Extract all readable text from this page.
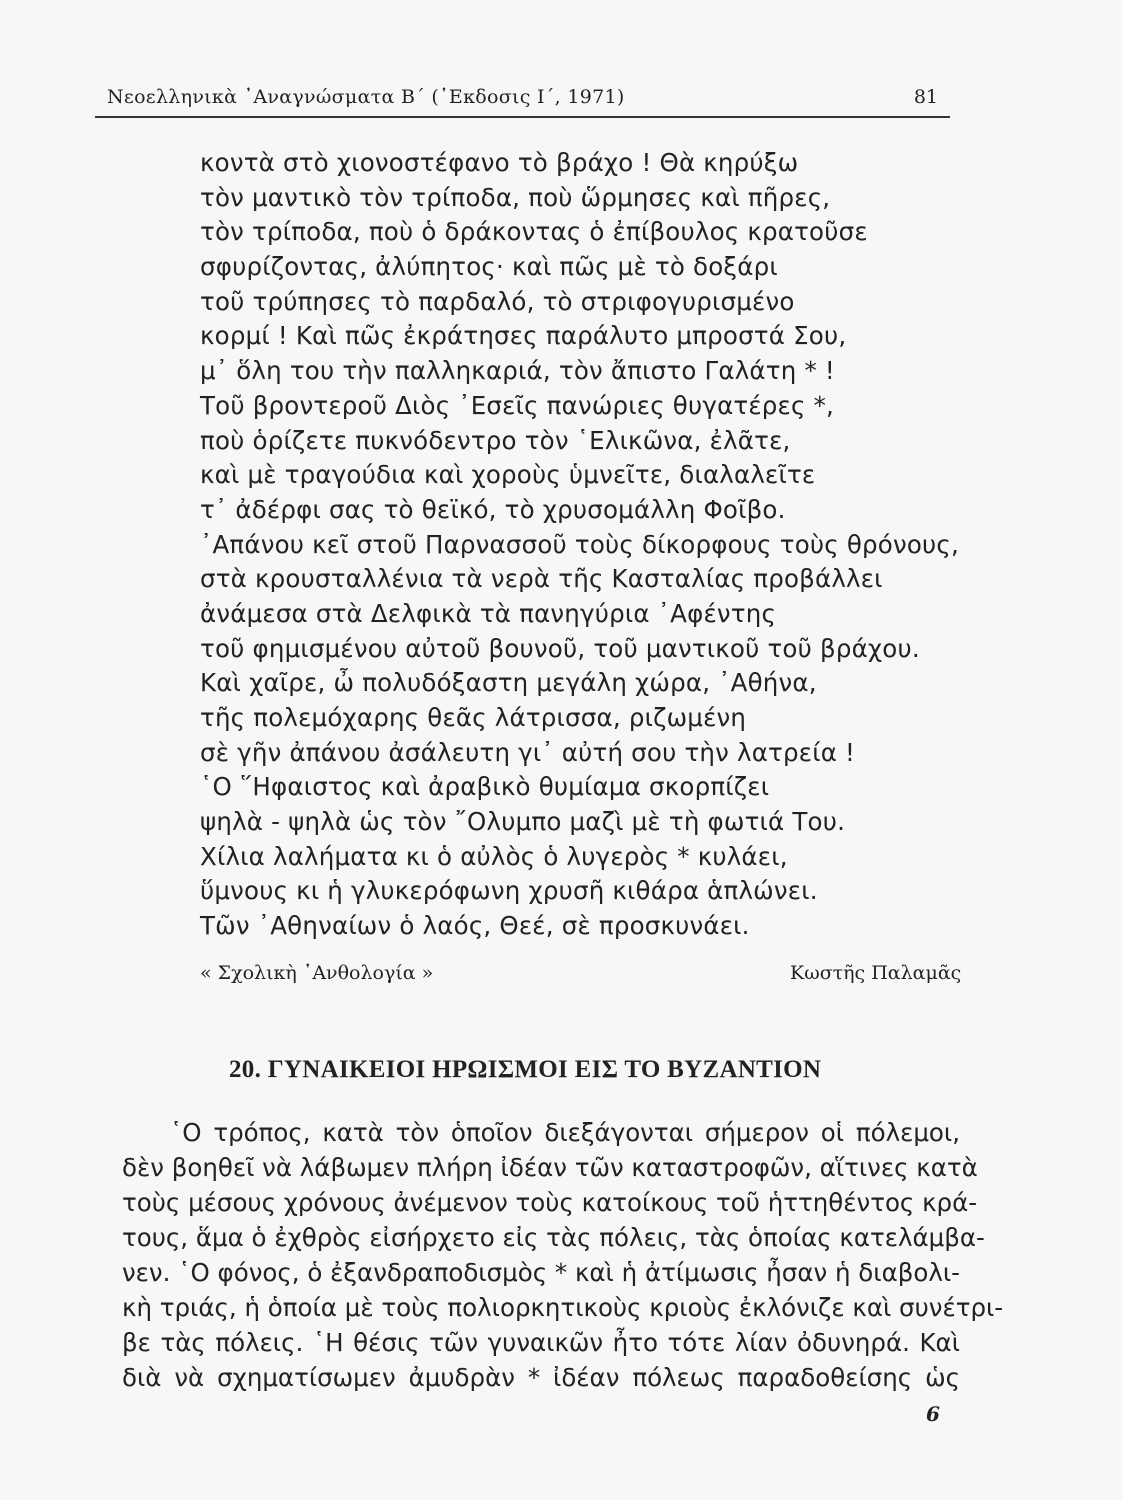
Νεοελληνικὰ ᾿Αναγνώσματα Β΄ (᾿Εκδοσις Ι΄, 1971)	81
κοντὰ στὸ χιονοστέφανο τὸ βράχο ! Θὰ κηρύξω
τὸν μαντικὸ τὸν τρίποδα, ποὺ ὥρμησες καὶ πῆρες,
τὸν τρίποδα, ποὺ ὁ δράκοντας ὁ ἐπίβουλος κρατοῦσε
σφυρίζοντας, ἀλύπητος· καὶ πῶς μὲ τὸ δοξάρι
τοῦ τρύπησες τὸ παρδαλό, τὸ στριφογυρισμένο
κορμί ! Καὶ πῶς ἐκράτησες παράλυτο μπροστά Σου,
μ᾿ ὅλη του τὴν παλληκαριά, τὸν ἄπιστο Γαλάτη * !
Τοῦ βροντεροῦ Διὸς ᾿Εσεῖς πανώριες θυγατέρες *,
ποὺ ὁρίζετε πυκνόδεντρο τὸν ῾Ελικῶνα, ἐλᾶτε,
καὶ μὲ τραγούδια καὶ χοροὺς ὑμνεῖτε, διαλαλεῖτε
τ᾿ ἀδέρφι σας τὸ θεϊκό, τὸ χρυσομάλλη Φοῖβο.
᾿Απάνου κεῖ στοῦ Παρνασσοῦ τοὺς δίκορφους τοὺς θρόνους,
στὰ κρουσταλλένια τὰ νερὰ τῆς Κασταλίας προβάλλει
ἀνάμεσα στὰ Δελφικὰ τὰ πανηγύρια ᾿Αφέντης
τοῦ φημισμένου αὐτοῦ βουνοῦ, τοῦ μαντικοῦ τοῦ βράχου.
Καὶ χαῖρε, ὦ πολυδόξαστη μεγάλη χώρα, ᾿Αθήνα,
τῆς πολεμόχαρης θεᾶς λάτρισσα, ριζωμένη
σὲ γῆν ἀπάνου ἀσάλευτη γι᾿ αὐτή σου τὴν λατρεία !
῾Ο ῞Ηφαιστος καὶ ἀραβικὸ θυμίαμα σκορπίζει
ψηλὰ - ψηλὰ ὡς τὸν ῎Ολυμπο μαζὶ μὲ τὴ φωτιά Του.
Χίλια λαλήματα κι ὁ αὐλὸς ὁ λυγερὸς * κυλάει,
ὕμνους κι ἡ γλυκερόφωνη χρυσῆ κιθάρα ἁπλώνει.
Τῶν ᾿Αθηναίων ὁ λαός, Θεέ, σὲ προσκυνάει.
« Σχολικὴ ᾿Ανθολογία »	Κωστῆς Παλαμᾶς
20. ΓΥΝΑΙΚΕΙΟΙ ΗΡΩΙΣΜΟΙ ΕΙΣ ΤΟ ΒΥΖΑΝΤΙΟΝ
῾Ο τρόπος, κατὰ τὸν ὁποῖον διεξάγονται σήμερον οἱ πόλεμοι,
δὲν βοηθεῖ νὰ λάβωμεν πλήρη ἰδέαν τῶν καταστροφῶν, αἵτινες κατὰ
τοὺς μέσους χρόνους ἀνέμενον τοὺς κατοίκους τοῦ ἡττηθέντος κρά-
τους, ἅμα ὁ ἐχθρὸς εἰσήρχετο εἰς τὰς πόλεις, τὰς ὁποίας κατελάμβα-
νεν. ῾Ο φόνος, ὁ ἐξανδραποδισμὸς * καὶ ἡ ἀτίμωσις ἦσαν ἡ διαβολι-
κὴ τριάς, ἡ ὁποία μὲ τοὺς πολιορκητικοὺς κριοὺς ἐκλόνιζε καὶ συνέτρι-
βε τὰς πόλεις. ῾Η θέσις τῶν γυναικῶν ἦτο τότε λίαν ὀδυνηρά. Καὶ
διὰ νὰ σχηματίσωμεν ἀμυδρὰν * ἰδέαν πόλεως παραδοθείσης ὡς
6
